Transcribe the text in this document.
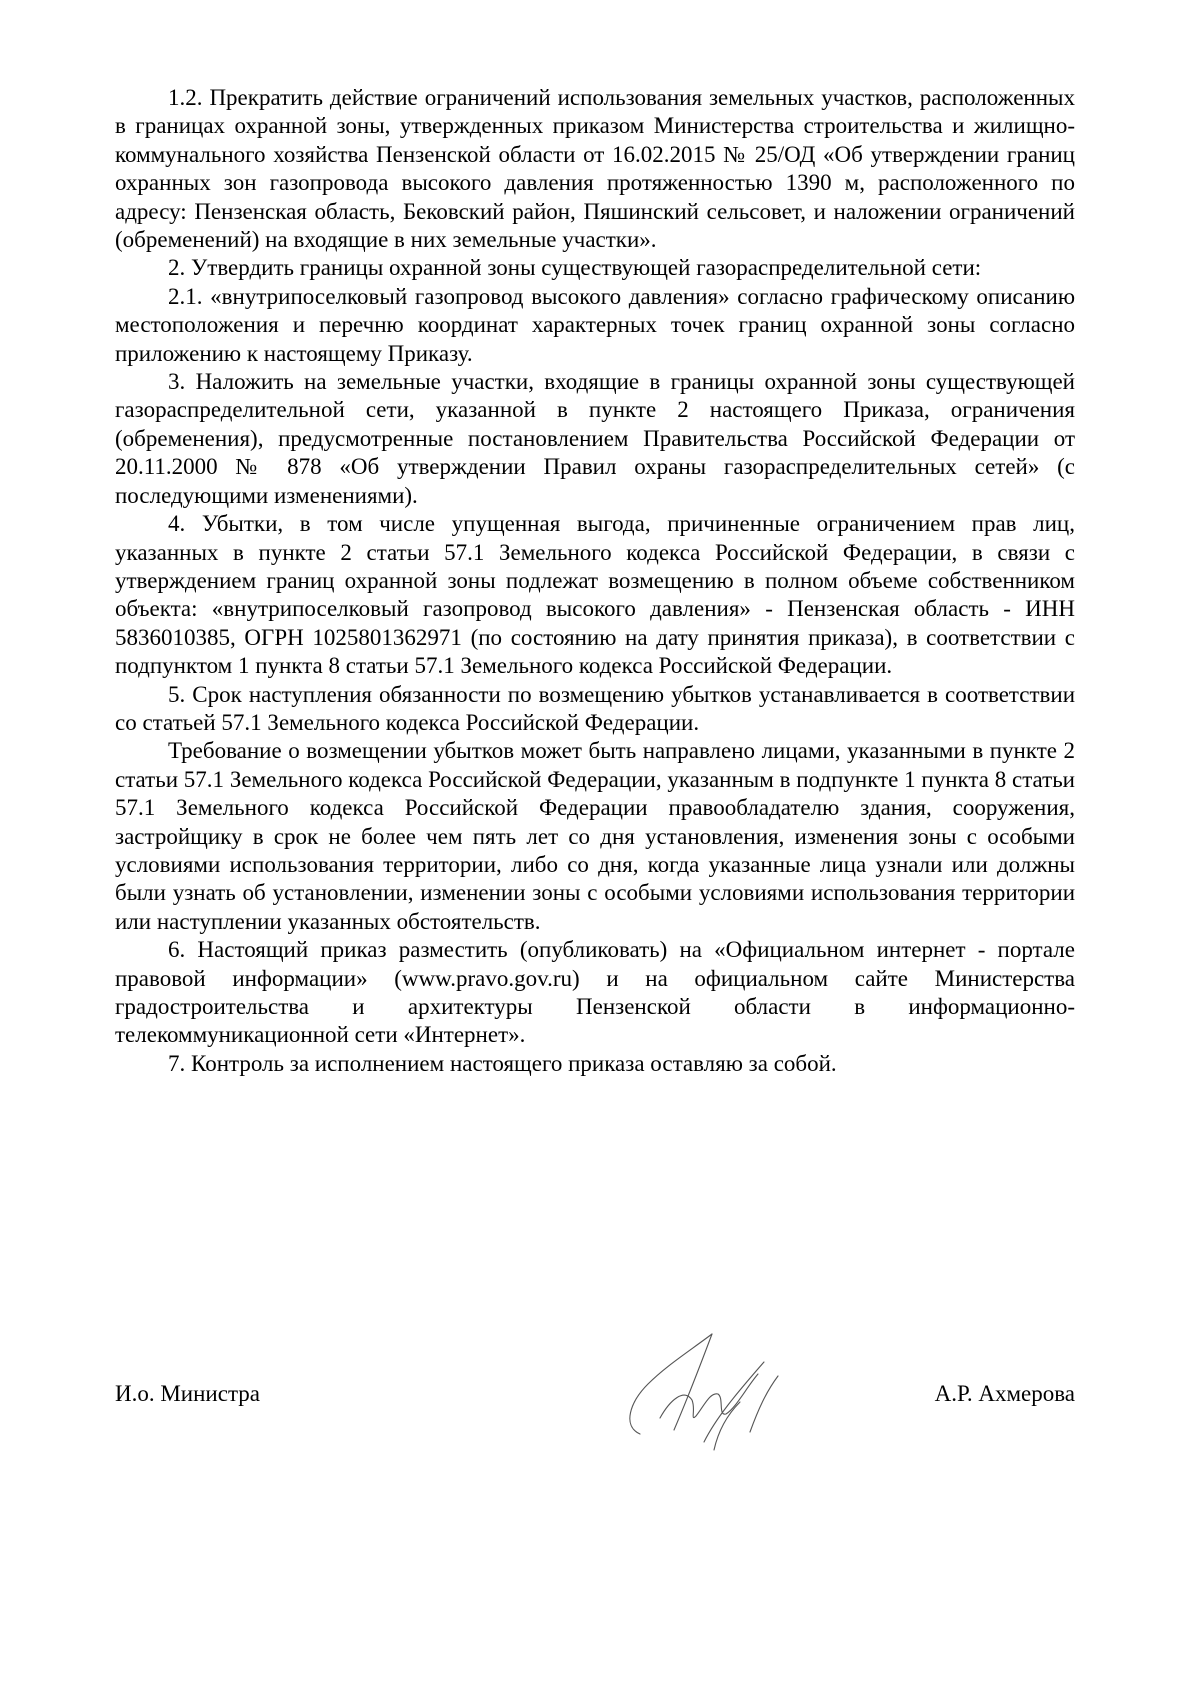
1.2. Прекратить действие ограничений использования земельных участков, расположенных в границах охранной зоны, утвержденных приказом Министерства строительства и жилищно-коммунального хозяйства Пензенской области от 16.02.2015 № 25/ОД «Об утверждении границ охранных зон газопровода высокого давления протяженностью 1390 м, расположенного по адресу: Пензенская область, Бековский район, Пяшинский сельсовет, и наложении ограничений (обременений) на входящие в них земельные участки».

2. Утвердить границы охранной зоны существующей газораспределительной сети:

2.1. «внутрипоселковый газопровод высокого давления» согласно графическому описанию местоположения и перечню координат характерных точек границ охранной зоны согласно приложению к настоящему Приказу.

3. Наложить на земельные участки, входящие в границы охранной зоны существующей газораспределительной сети, указанной в пункте 2 настоящего Приказа, ограничения (обременения), предусмотренные постановлением Правительства Российской Федерации от 20.11.2000 № 878 «Об утверждении Правил охраны газораспределительных сетей» (с последующими изменениями).

4. Убытки, в том числе упущенная выгода, причиненные ограничением прав лиц, указанных в пункте 2 статьи 57.1 Земельного кодекса Российской Федерации, в связи с утверждением границ охранной зоны подлежат возмещению в полном объеме собственником объекта: «внутрипоселковый газопровод высокого давления» - Пензенская область - ИНН 5836010385, ОГРН 1025801362971 (по состоянию на дату принятия приказа), в соответствии с подпунктом 1 пункта 8 статьи 57.1 Земельного кодекса Российской Федерации.

5. Срок наступления обязанности по возмещению убытков устанавливается в соответствии со статьей 57.1 Земельного кодекса Российской Федерации.

Требование о возмещении убытков может быть направлено лицами, указанными в пункте 2 статьи 57.1 Земельного кодекса Российской Федерации, указанным в подпункте 1 пункта 8 статьи 57.1 Земельного кодекса Российской Федерации правообладателю здания, сооружения, застройщику в срок не более чем пять лет со дня установления, изменения зоны с особыми условиями использования территории, либо со дня, когда указанные лица узнали или должны были узнать об установлении, изменении зоны с особыми условиями использования территории или наступлении указанных обстоятельств.

6. Настоящий приказ разместить (опубликовать) на «Официальном интернет - портале правовой информации» (www.pravo.gov.ru) и на официальном сайте Министерства градостроительства и архитектуры Пензенской области в информационно-телекоммуникационной сети «Интернет».

7. Контроль за исполнением настоящего приказа оставляю за собой.

И.о. Министра	А.Р. Ахмерова
